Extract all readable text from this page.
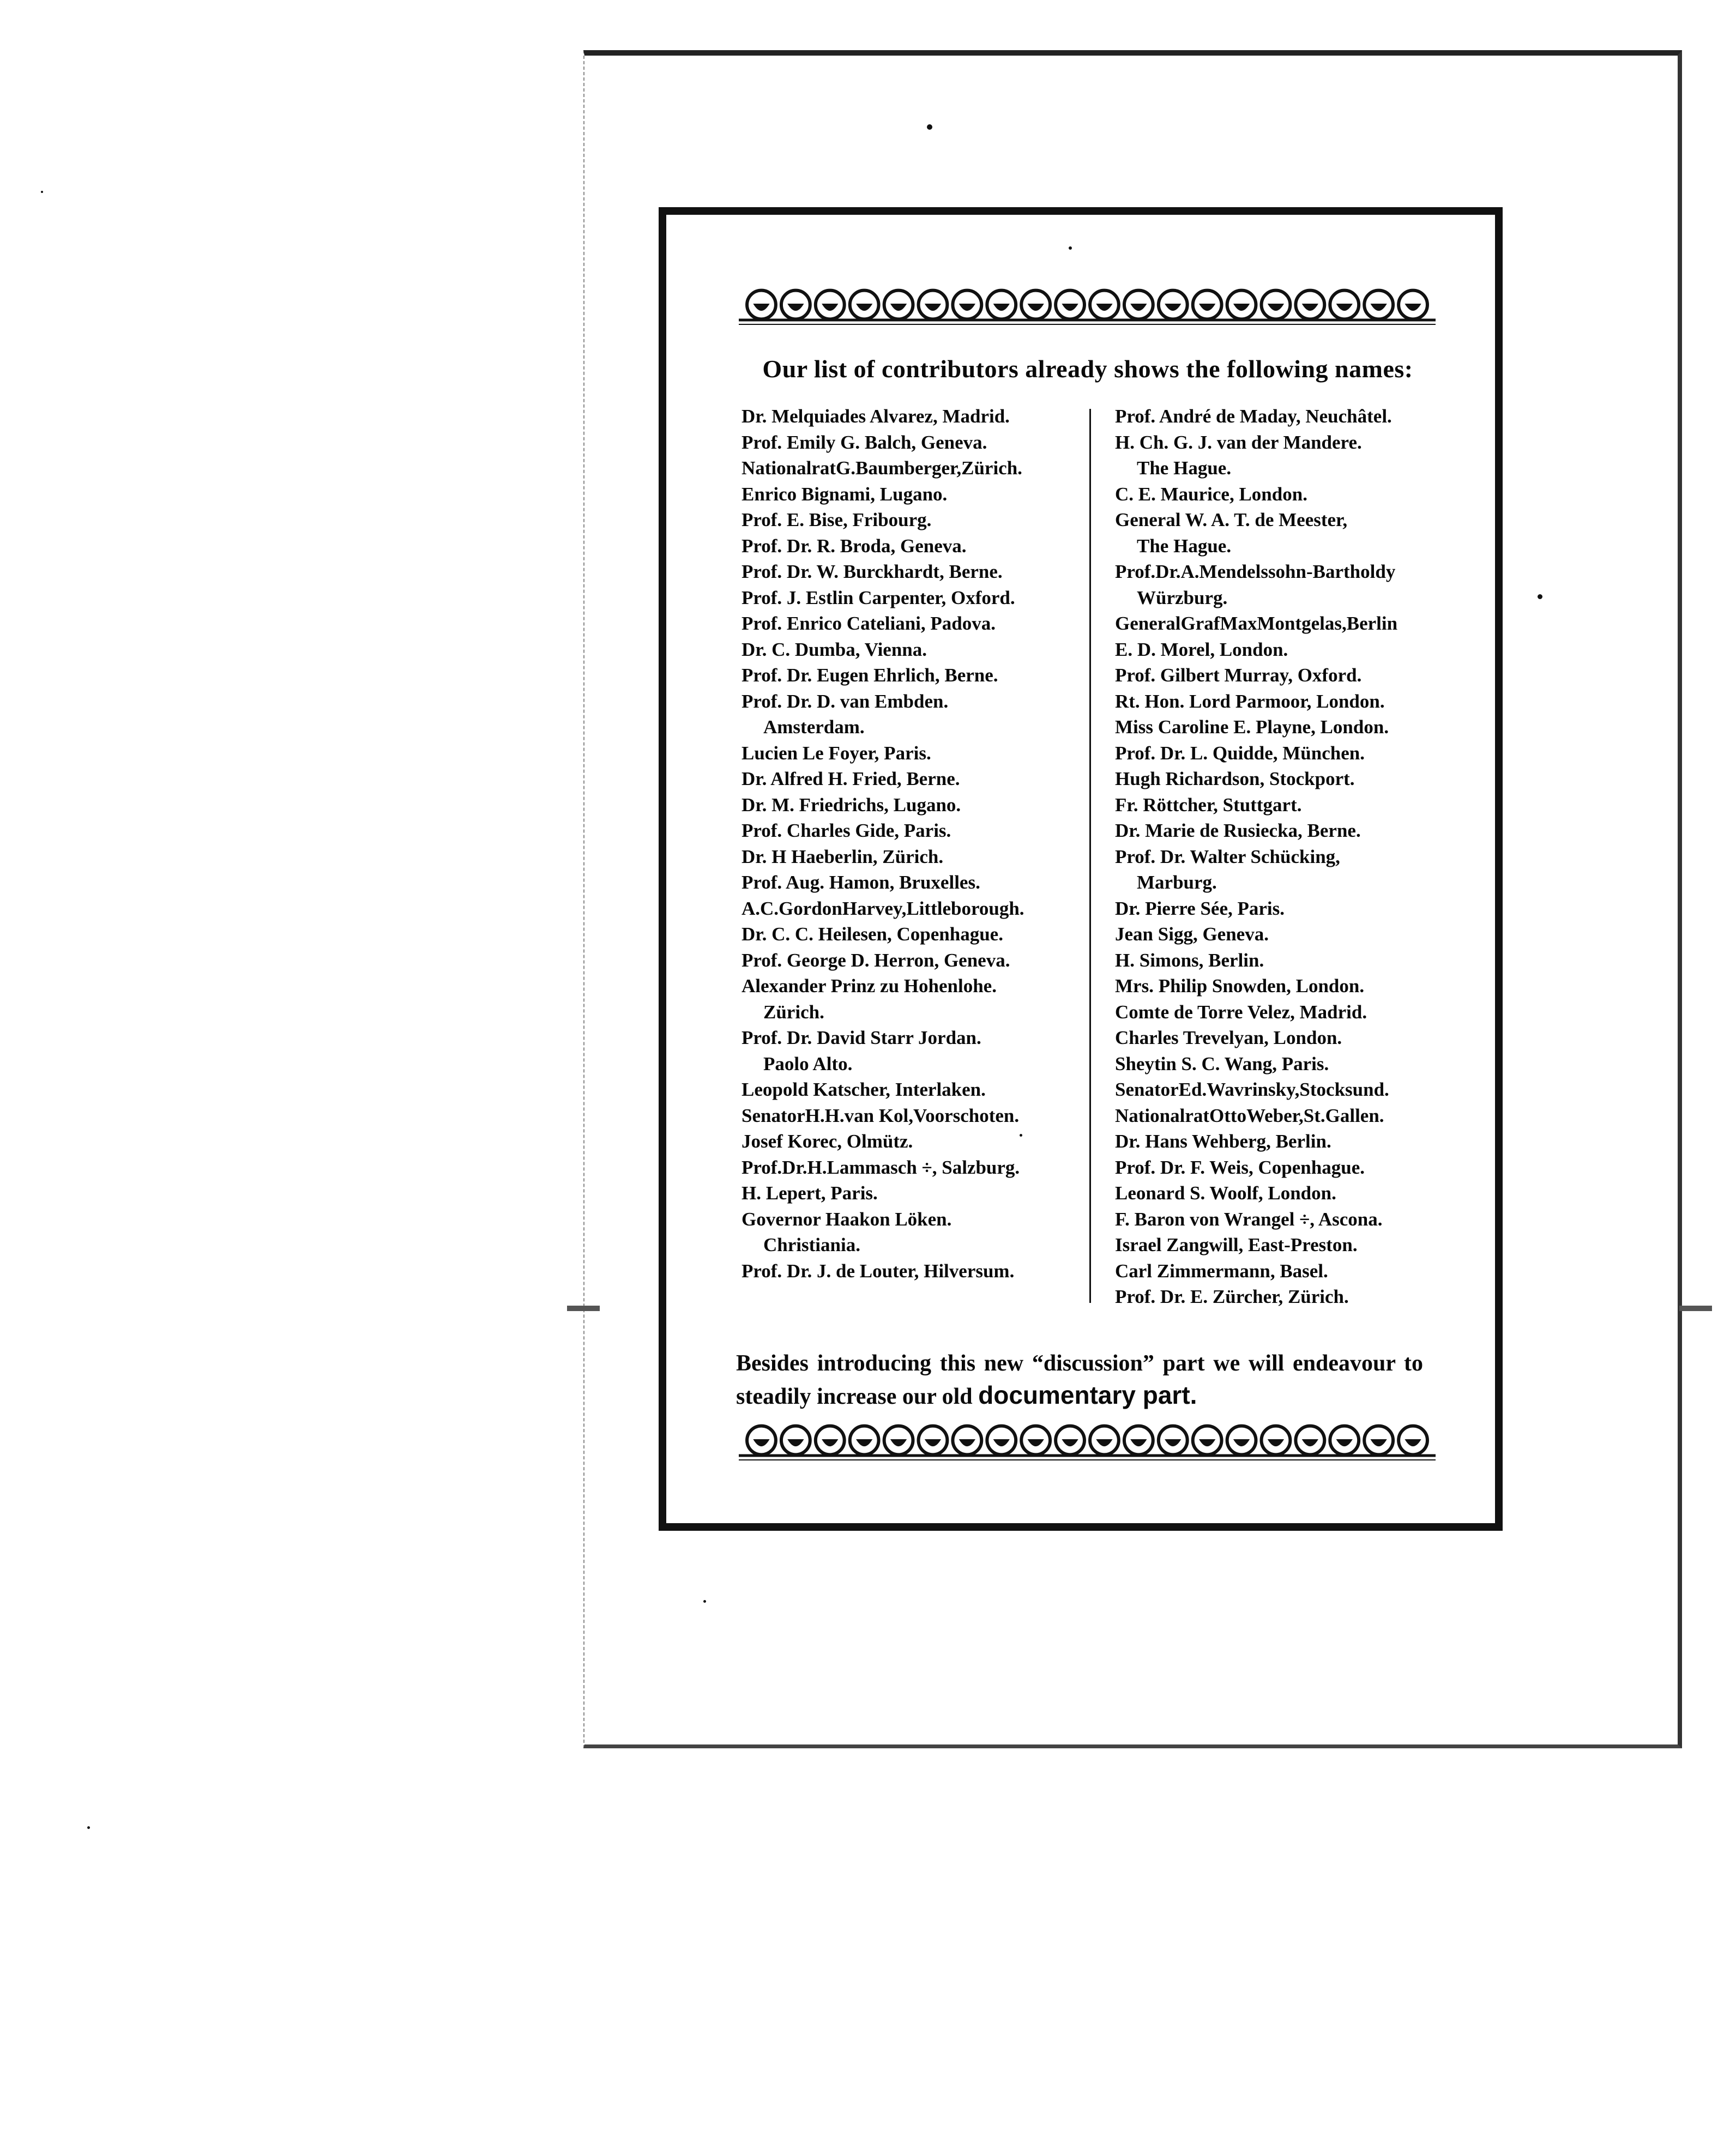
Our list of contributors already shows the following names:
Dr. Melquiades Alvarez, Madrid.
Prof. Emily G. Balch, Geneva.
NationalratG.Baumberger,Zürich.
Enrico Bignami, Lugano.
Prof. E. Bise, Fribourg.
Prof. Dr. R. Broda, Geneva.
Prof. Dr. W. Burckhardt, Berne.
Prof. J. Estlin Carpenter, Oxford.
Prof. Enrico Cateliani, Padova.
Dr. C. Dumba, Vienna.
Prof. Dr. Eugen Ehrlich, Berne.
Prof. Dr. D. van Embden.
Amsterdam.
Lucien Le Foyer, Paris.
Dr. Alfred H. Fried, Berne.
Dr. M. Friedrichs, Lugano.
Prof. Charles Gide, Paris.
Dr. H Haeberlin, Zürich.
Prof. Aug. Hamon, Bruxelles.
A.C.GordonHarvey,Littleborough.
Dr. C. C. Heilesen, Copenhague.
Prof. George D. Herron, Geneva.
Alexander Prinz zu Hohenlohe.
Zürich.
Prof. Dr. David Starr Jordan.
Paolo Alto.
Leopold Katscher, Interlaken.
SenatorH.H.van Kol,Voorschoten.
Josef Korec, Olmütz.
Prof.Dr.H.Lammasch ÷, Salzburg.
H. Lepert, Paris.
Governor Haakon Löken.
Christiania.
Prof. Dr. J. de Louter, Hilversum.
Prof. André de Maday, Neuchâtel.
H. Ch. G. J. van der Mandere.
The Hague.
C. E. Maurice, London.
General W. A. T. de Meester,
The Hague.
Prof.Dr.A.Mendelssohn-Bartholdy
Würzburg.
GeneralGrafMaxMontgelas,Berlin
E. D. Morel, London.
Prof. Gilbert Murray, Oxford.
Rt. Hon. Lord Parmoor, London.
Miss Caroline E. Playne, London.
Prof. Dr. L. Quidde, München.
Hugh Richardson, Stockport.
Fr. Röttcher, Stuttgart.
Dr. Marie de Rusiecka, Berne.
Prof. Dr. Walter Schücking,
Marburg.
Dr. Pierre Sée, Paris.
Jean Sigg, Geneva.
H. Simons, Berlin.
Mrs. Philip Snowden, London.
Comte de Torre Velez, Madrid.
Charles Trevelyan, London.
Sheytin S. C. Wang, Paris.
SenatorEd.Wavrinsky,Stocksund.
NationalratOttoWeber,St.Gallen.
Dr. Hans Wehberg, Berlin.
Prof. Dr. F. Weis, Copenhague.
Leonard S. Woolf, London.
F. Baron von Wrangel ÷, Ascona.
Israel Zangwill, East-Preston.
Carl Zimmermann, Basel.
Prof. Dr. E. Zürcher, Zürich.

Besides introducing this new “discussion” part we will endeavour to steadily increase our old documentary part.
